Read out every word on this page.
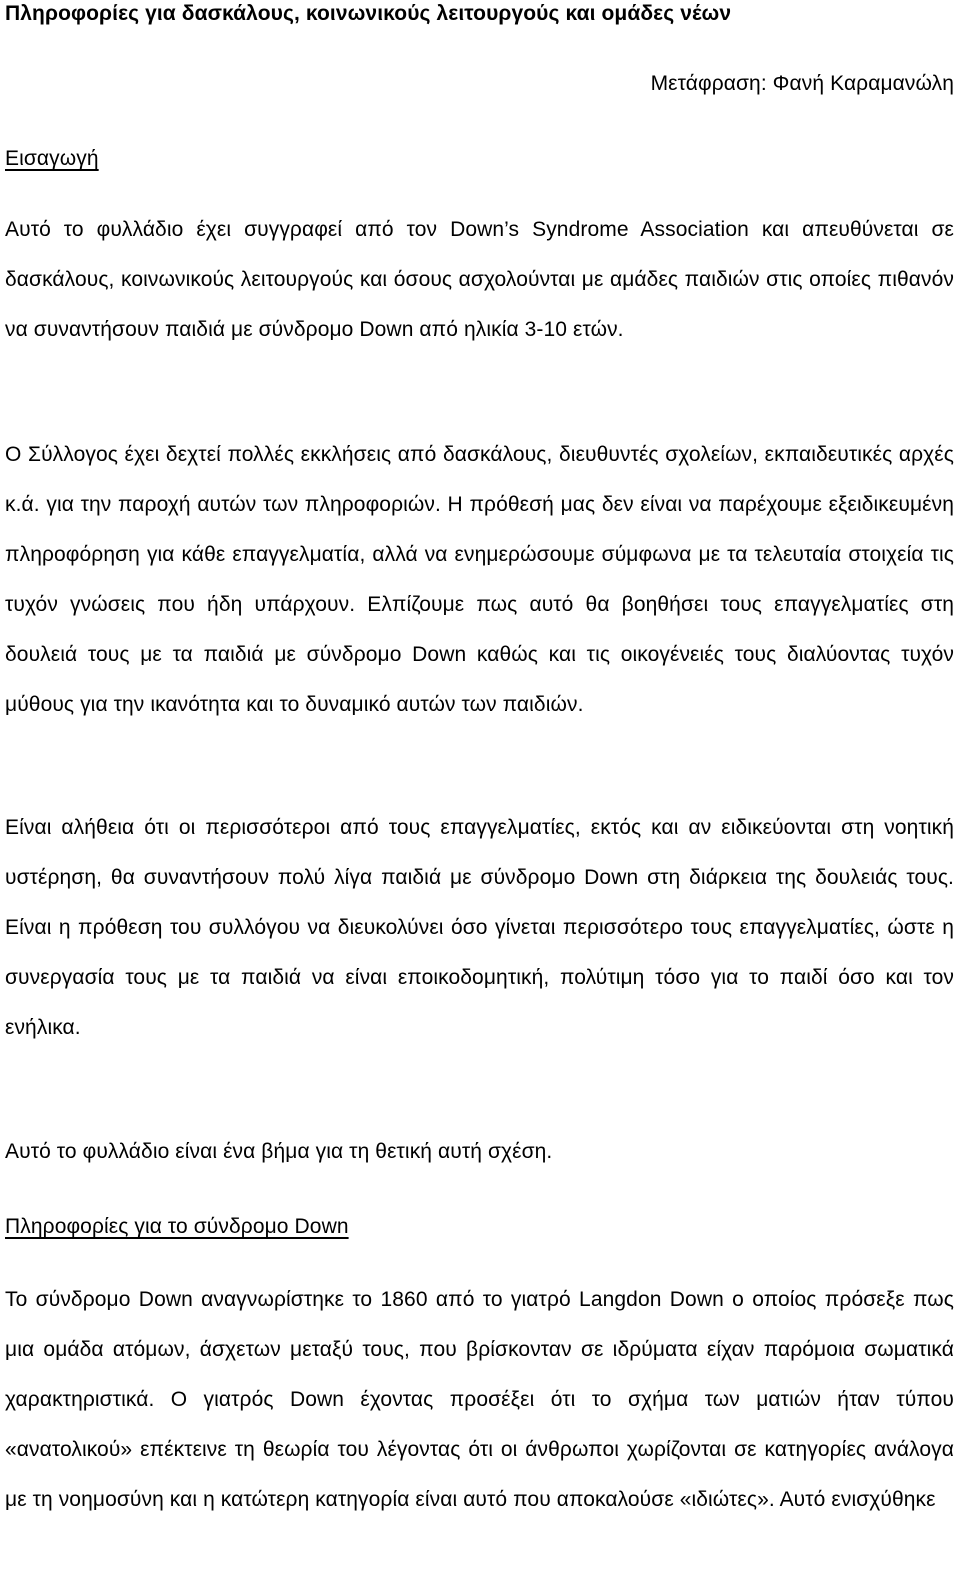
Πληροφορίες για δασκάλους, κοινωνικούς λειτουργούς και ομάδες νέων
Μετάφραση: Φανή Καραμανώλη
Εισαγωγή

Αυτό το φυλλάδιο έχει συγγραφεί από τον Down’s Syndrome Association και απευθύνεται σε δασκάλους, κοινωνικούς λειτουργούς και όσους ασχολούνται με αμάδες παιδιών στις οποίες πιθανόν να συναντήσουν παιδιά με σύνδρομο Down από ηλικία 3-10 ετών.

Ο Σύλλογος έχει δεχτεί πολλές εκκλήσεις από δασκάλους, διευθυντές σχολείων, εκπαιδευτικές αρχές κ.ά. για την παροχή αυτών των πληροφοριών. Η πρόθεσή μας δεν είναι να παρέχουμε εξειδικευμένη πληροφόρηση για κάθε επαγγελματία, αλλά να ενημερώσουμε σύμφωνα με τα τελευταία στοιχεία τις τυχόν γνώσεις που ήδη υπάρχουν. Ελπίζουμε πως αυτό θα βοηθήσει τους επαγγελματίες στη δουλειά τους με τα παιδιά με σύνδρομο Down καθώς και τις οικογένειές τους διαλύοντας τυχόν μύθους για την ικανότητα και το δυναμικό αυτών των παιδιών.

Είναι αλήθεια ότι οι περισσότεροι από τους επαγγελματίες, εκτός και αν ειδικεύονται στη νοητική υστέρηση, θα συναντήσουν πολύ λίγα παιδιά με σύνδρομο Down στη διάρκεια της δουλειάς τους. Είναι η πρόθεση του συλλόγου να διευκολύνει όσο γίνεται περισσότερο τους επαγγελματίες, ώστε η συνεργασία τους με τα παιδιά να είναι εποικοδομητική, πολύτιμη τόσο για το παιδί όσο και τον ενήλικα.

Αυτό το φυλλάδιο είναι ένα βήμα για τη θετική αυτή σχέση.

Πληροφορίες για το σύνδρομο Down

Το σύνδρομο Down αναγνωρίστηκε το 1860 από το γιατρό Langdon Down ο οποίος πρόσεξε πως μια ομάδα ατόμων, άσχετων μεταξύ τους, που βρίσκονταν σε ιδρύματα είχαν παρόμοια σωματικά χαρακτηριστικά. Ο γιατρός Down έχοντας προσέξει ότι το σχήμα των ματιών ήταν τύπου «ανατολικού» επέκτεινε τη θεωρία του λέγοντας ότι οι άνθρωποι χωρίζονται σε κατηγορίες ανάλογα με τη νοημοσύνη και η κατώτερη κατηγορία είναι αυτό που αποκαλούσε «ιδιώτες». Αυτό ενισχύθηκε
